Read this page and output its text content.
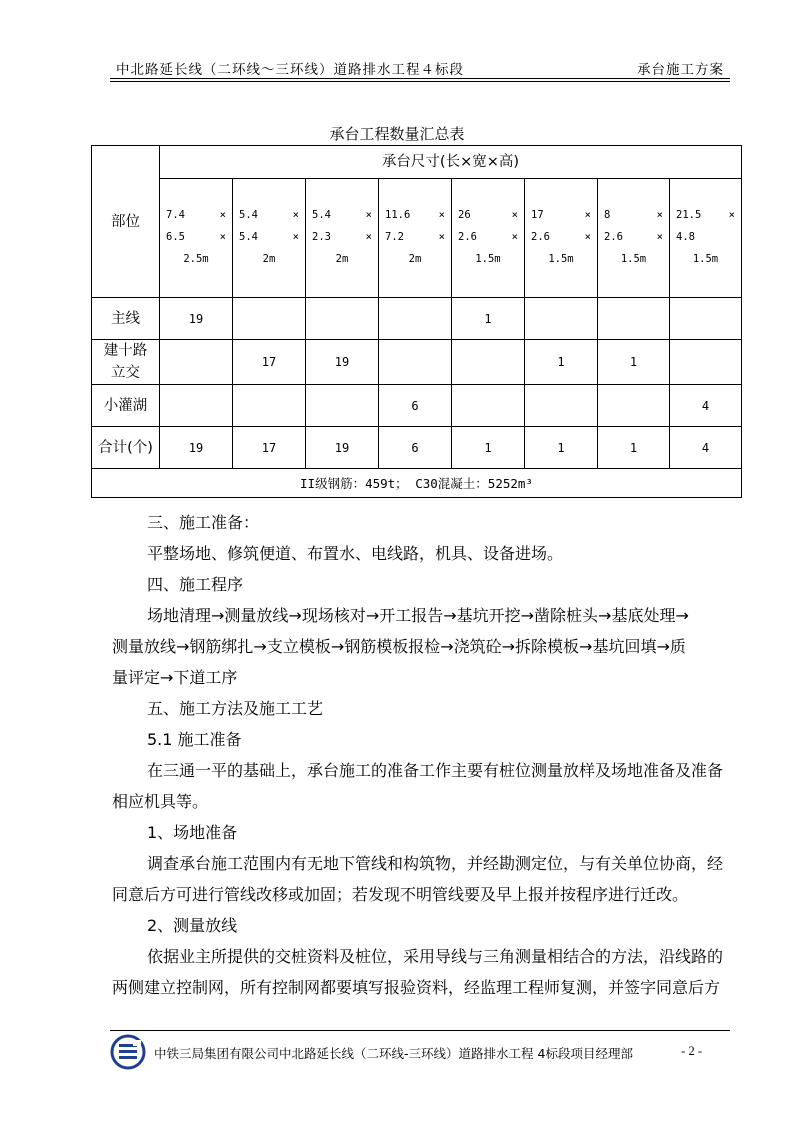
中北路延长线（二环线～三环线）道路排水工程４标段	承台施工方案
承台工程数量汇总表
部位	承台尺寸(长×宽×高)							

	7.4 ×
6.5 ×
2.5m	5.4 ×
5.4 ×
2m	5.4 ×
2.3 ×
2m	11.6 ×
7.2 ×
2m	26 ×
2.6 ×
1.5m	17 ×
2.6 ×
1.5m	8 ×
2.6 ×
1.5m	21.5 ×
4.8
1.5m

主线	19				1			
建十路
立交		17	19			1	1	
小灌湖				6				4
合计(个)	19	17	19	6	1	1	1	4
II级钢筋：459t； C30混凝土：5252m³								
三、施工准备：
平整场地、修筑便道、布置水、电线路，机具、设备进场。
四、施工程序
场地清理→测量放线→现场核对→开工报告→基坑开挖→凿除桩头→基底处理→
测量放线→钢筋绑扎→支立模板→钢筋模板报检→浇筑砼→拆除模板→基坑回填→质
量评定→下道工序
五、施工方法及施工工艺
5.1 施工准备
在三通一平的基础上，承台施工的准备工作主要有桩位测量放样及场地准备及准备
相应机具等。
1、场地准备
调查承台施工范围内有无地下管线和构筑物，并经勘测定位，与有关单位协商，经
同意后方可进行管线改移或加固；若发现不明管线要及早上报并按程序进行迁改。
2、测量放线
依据业主所提供的交桩资料及桩位，采用导线与三角测量相结合的方法，沿线路的
两侧建立控制网，所有控制网都要填写报验资料，经监理工程师复测，并签字同意后方
中铁三局集团有限公司中北路延长线（二环线-三环线）道路排水工程 4标段项目经理部	- 2 -
